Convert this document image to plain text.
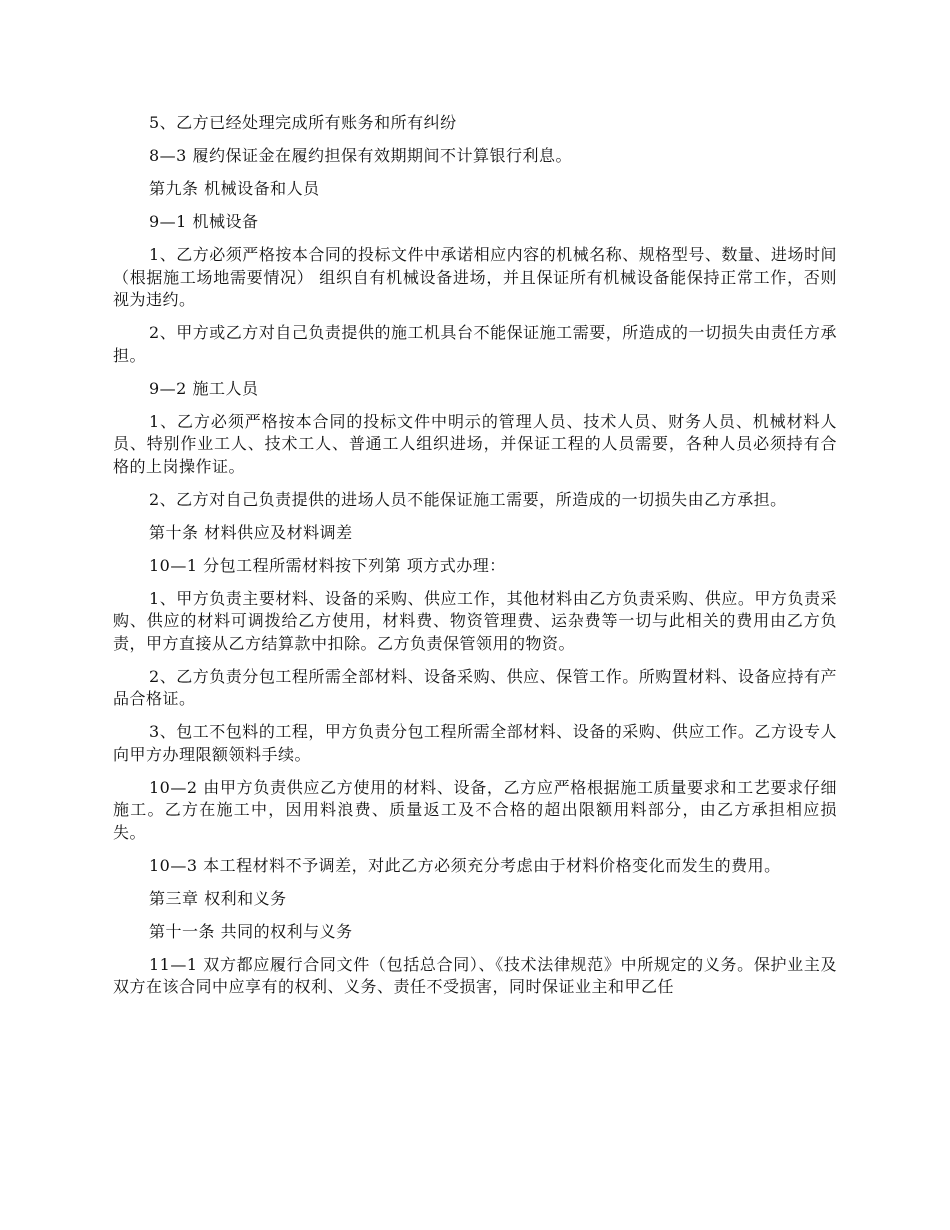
5、乙方已经处理完成所有账务和所有纠纷

8—3 履约保证金在履约担保有效期期间不计算银行利息。

第九条 机械设备和人员

9—1 机械设备

1、乙方必须严格按本合同的投标文件中承诺相应内容的机械名称、规格型号、数量、进场时间（根据施工场地需要情况） 组织自有机械设备进场，并且保证所有机械设备能保持正常工作，否则视为违约。

2、甲方或乙方对自己负责提供的施工机具台不能保证施工需要，所造成的一切损失由责任方承担。

9—2 施工人员

1、乙方必须严格按本合同的投标文件中明示的管理人员、技术人员、财务人员、机械材料人员、特别作业工人、技术工人、普通工人组织进场，并保证工程的人员需要，各种人员必须持有合格的上岗操作证。

2、乙方对自己负责提供的进场人员不能保证施工需要，所造成的一切损失由乙方承担。

第十条 材料供应及材料调差

10—1 分包工程所需材料按下列第 项方式办理：

1、甲方负责主要材料、设备的采购、供应工作，其他材料由乙方负责采购、供应。甲方负责采购、供应的材料可调拨给乙方使用，材料费、物资管理费、运杂费等一切与此相关的费用由乙方负责，甲方直接从乙方结算款中扣除。乙方负责保管领用的物资。

2、乙方负责分包工程所需全部材料、设备采购、供应、保管工作。所购置材料、设备应持有产品合格证。

3、包工不包料的工程，甲方负责分包工程所需全部材料、设备的采购、供应工作。乙方设专人向甲方办理限额领料手续。

10—2 由甲方负责供应乙方使用的材料、设备，乙方应严格根据施工质量要求和工艺要求仔细施工。乙方在施工中，因用料浪费、质量返工及不合格的超出限额用料部分，由乙方承担相应损失。

10—3 本工程材料不予调差，对此乙方必须充分考虑由于材料价格变化而发生的费用。

第三章 权利和义务

第十一条 共同的权利与义务

11—1 双方都应履行合同文件（包括总合同）、《技术法律规范》中所规定的义务。保护业主及双方在该合同中应享有的权利、义务、责任不受损害，同时保证业主和甲乙任
